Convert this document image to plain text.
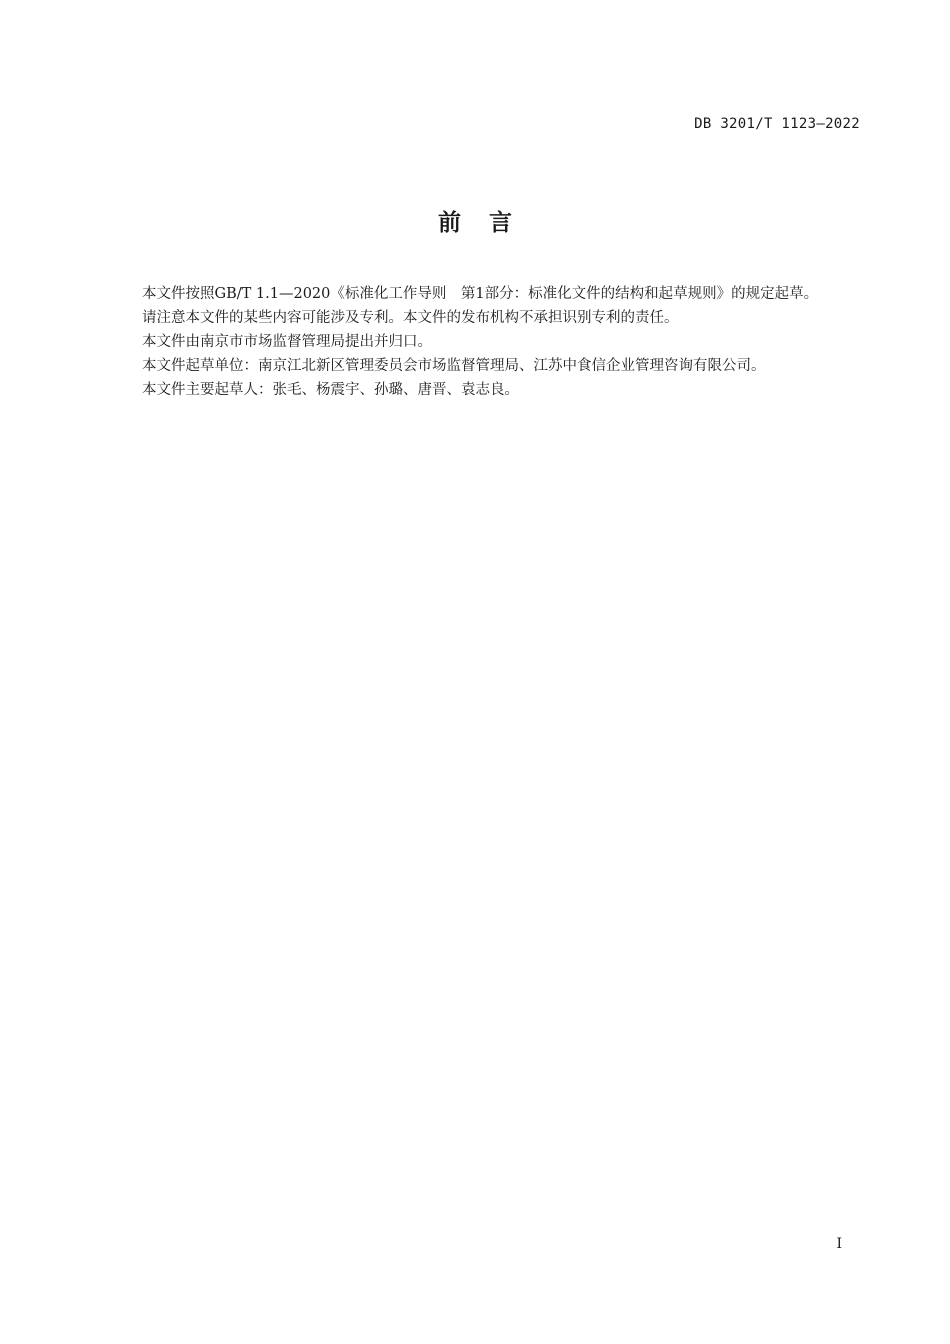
DB 3201/T 1123—2022
前 言

本文件按照GB/T 1.1—2020《标准化工作导则　第1部分：标准化文件的结构和起草规则》的规定起草。

请注意本文件的某些内容可能涉及专利。本文件的发布机构不承担识别专利的责任。

本文件由南京市市场监督管理局提出并归口。

本文件起草单位：南京江北新区管理委员会市场监督管理局、江苏中食信企业管理咨询有限公司。

本文件主要起草人：张毛、杨震宇、孙璐、唐晋、袁志良。

I
